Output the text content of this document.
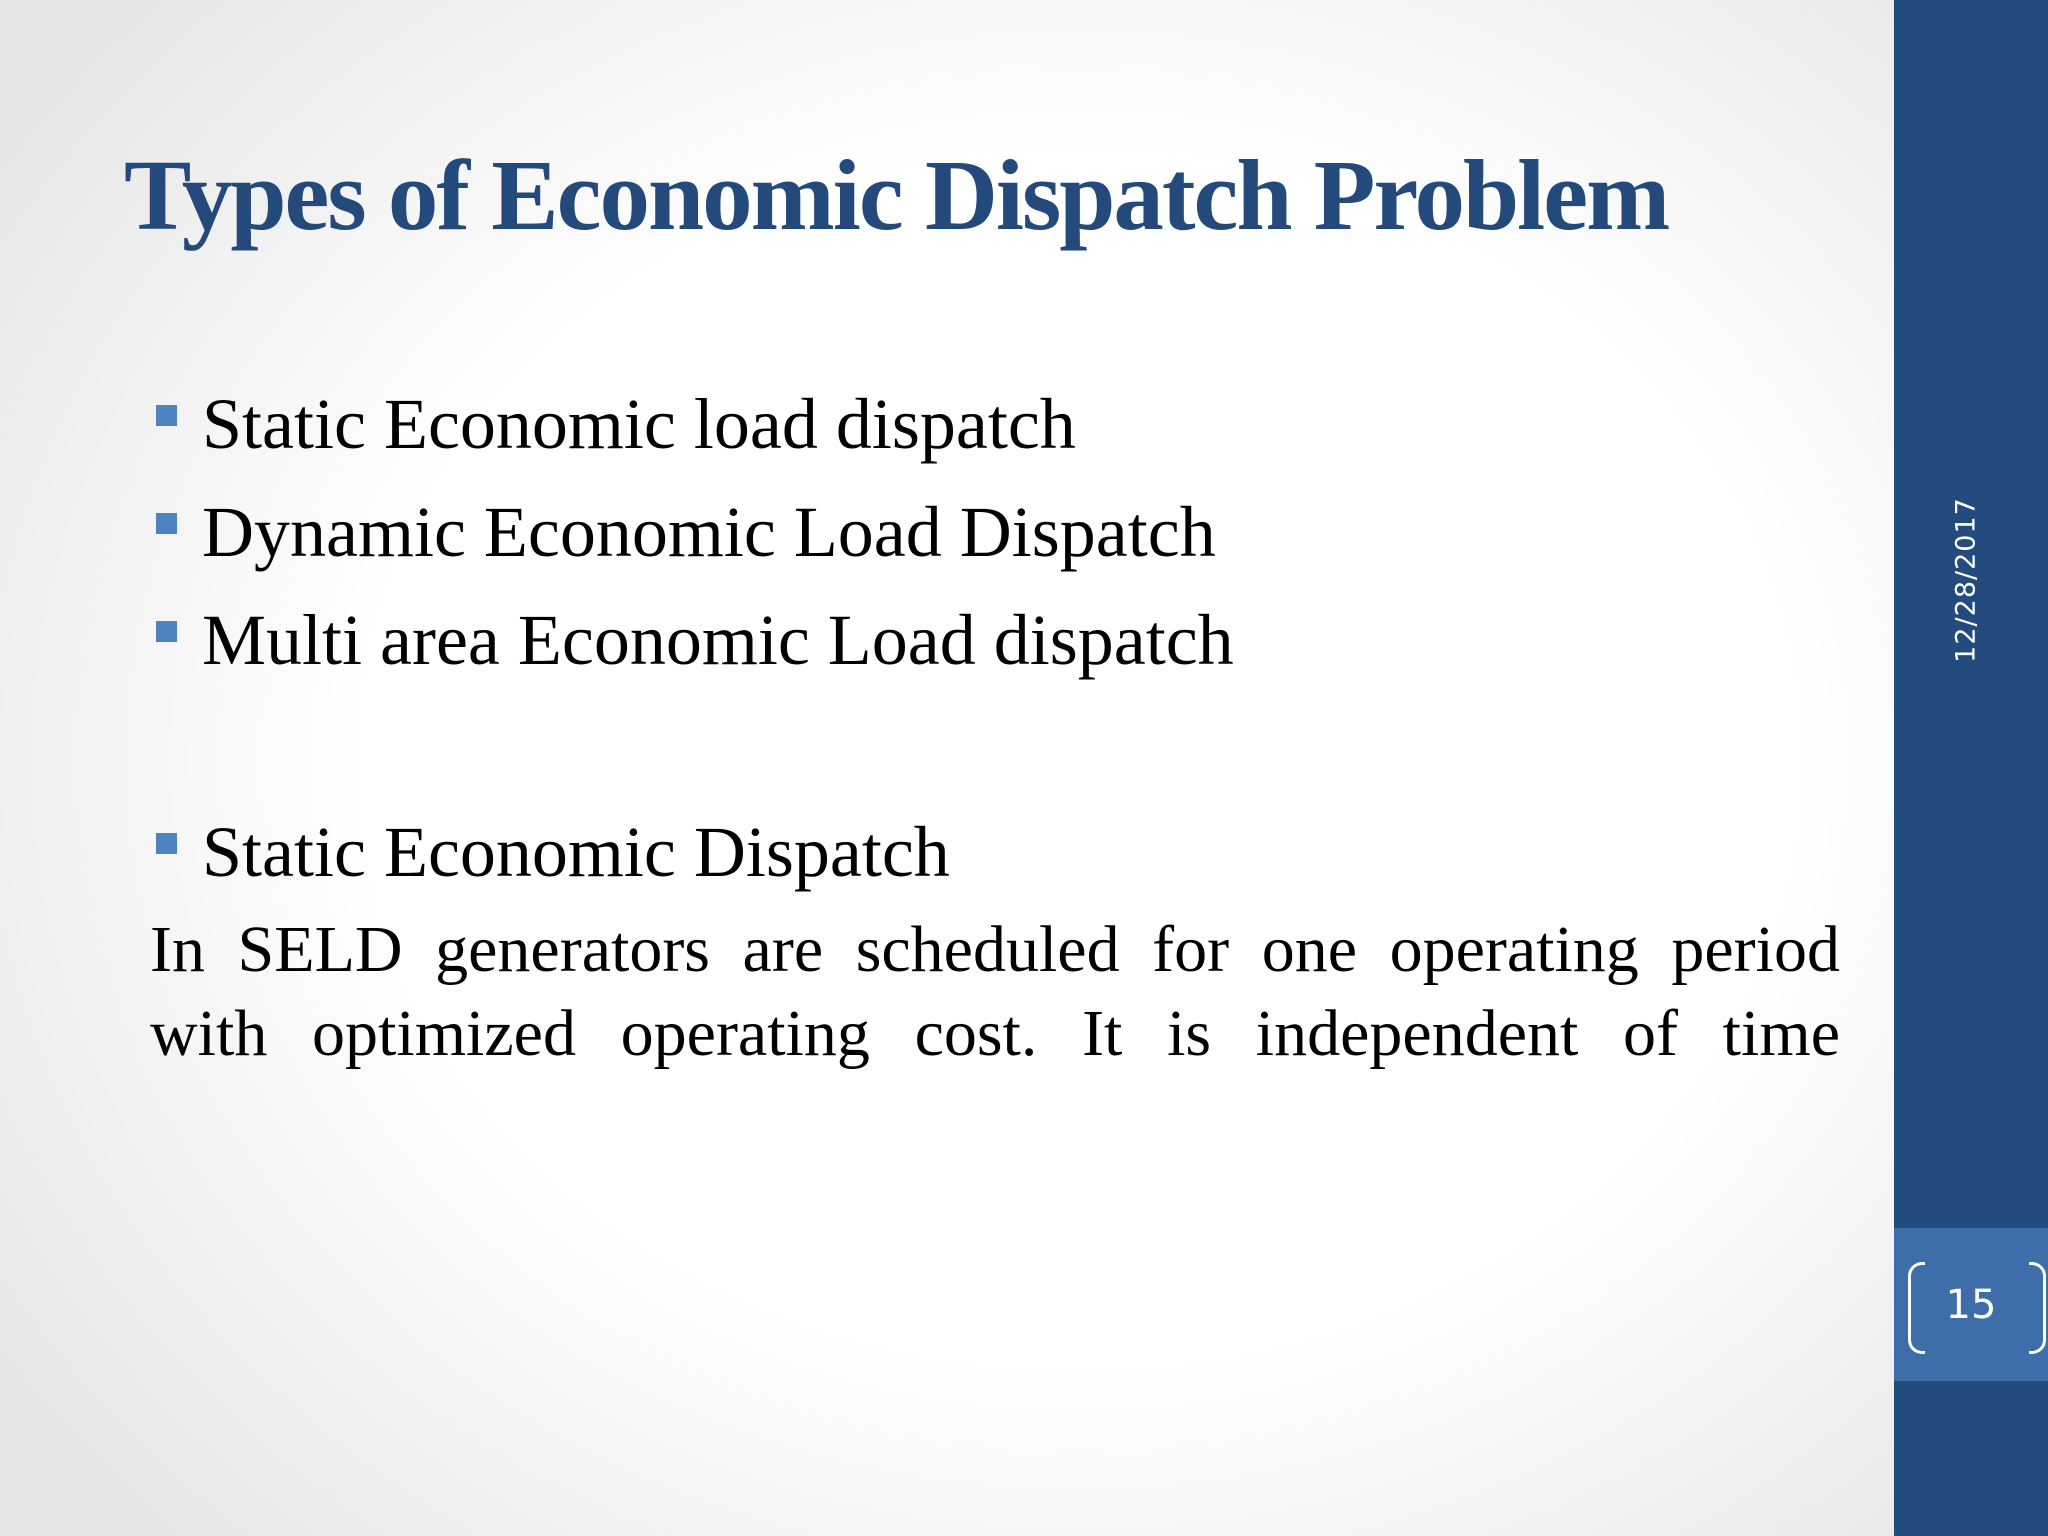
Types of Economic Dispatch Problem
Static Economic load dispatch
Dynamic Economic Load Dispatch
Multi area Economic Load dispatch
Static Economic Dispatch

In SELD generators are scheduled for one operating period with optimized operating cost. It is independent of time

12/28/2017
15
